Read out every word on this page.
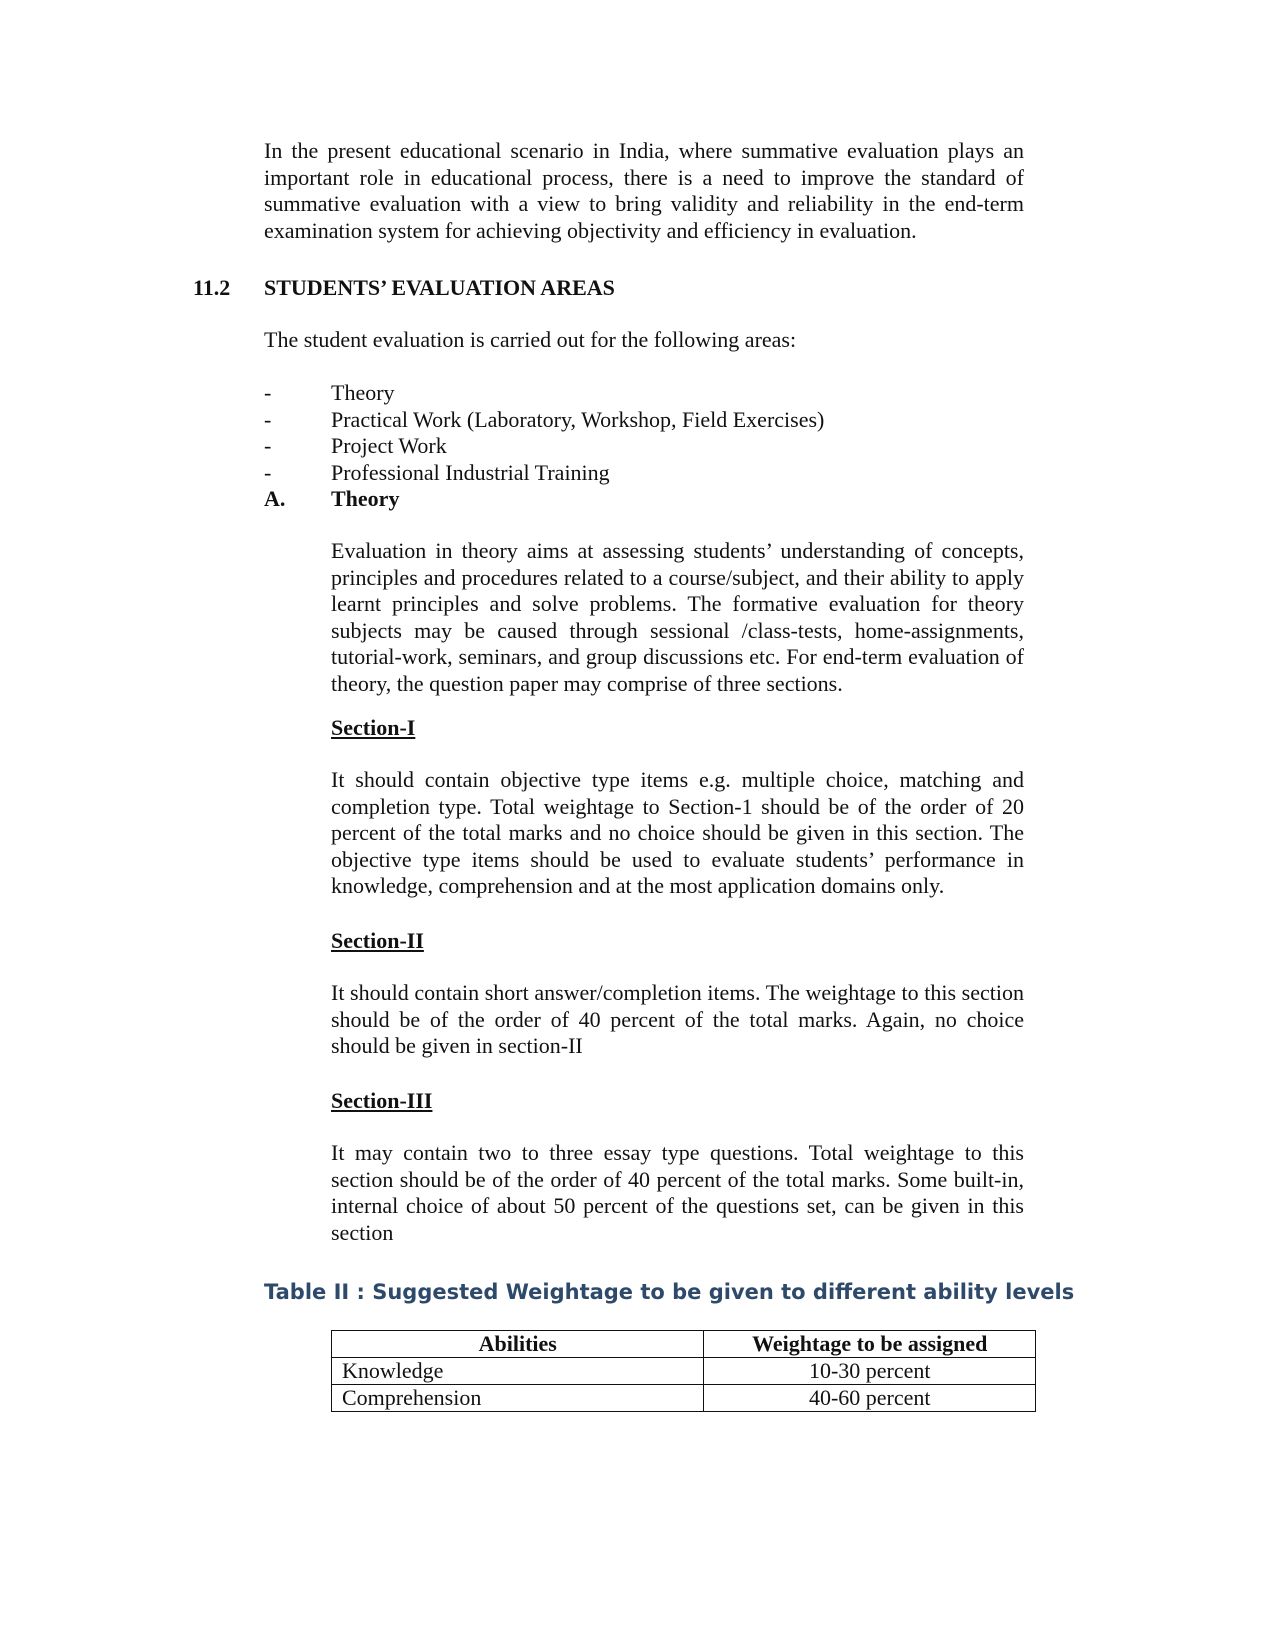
In the present educational scenario in India, where summative evaluation plays an important role in educational process, there is a need to improve the standard of summative evaluation with a view to bring validity and reliability in the end-term examination system for achieving objectivity and efficiency in evaluation.
11.2 STUDENTS’ EVALUATION AREAS
The student evaluation is carried out for the following areas:
-	Theory
-	Practical Work (Laboratory, Workshop, Field Exercises)
-	Project Work
-	Professional Industrial Training
A. Theory
Evaluation in theory aims at assessing students’ understanding of concepts, principles and procedures related to a course/subject, and their ability to apply learnt principles and solve problems. The formative evaluation for theory subjects may be caused through sessional /class-tests, home-assignments, tutorial-work, seminars, and group discussions etc. For end-term evaluation of theory, the question paper may comprise of three sections.
Section-I
It should contain objective type items e.g. multiple choice, matching and completion type. Total weightage to Section-1 should be of the order of 20 percent of the total marks and no choice should be given in this section. The objective type items should be used to evaluate students’ performance in knowledge, comprehension and at the most application domains only.
Section-II
It should contain short answer/completion items. The weightage to this section should be of the order of 40 percent of the total marks. Again, no choice should be given in section-II
Section-III
It may contain two to three essay type questions. Total weightage to this section should be of the order of 40 percent of the total marks. Some built-in, internal choice of about 50 percent of the questions set, can be given in this section
Table II : Suggested Weightage to be given to different ability levels
Abilities	Weightage to be assigned
Knowledge	10-30 percent
Comprehension	40-60 percent
